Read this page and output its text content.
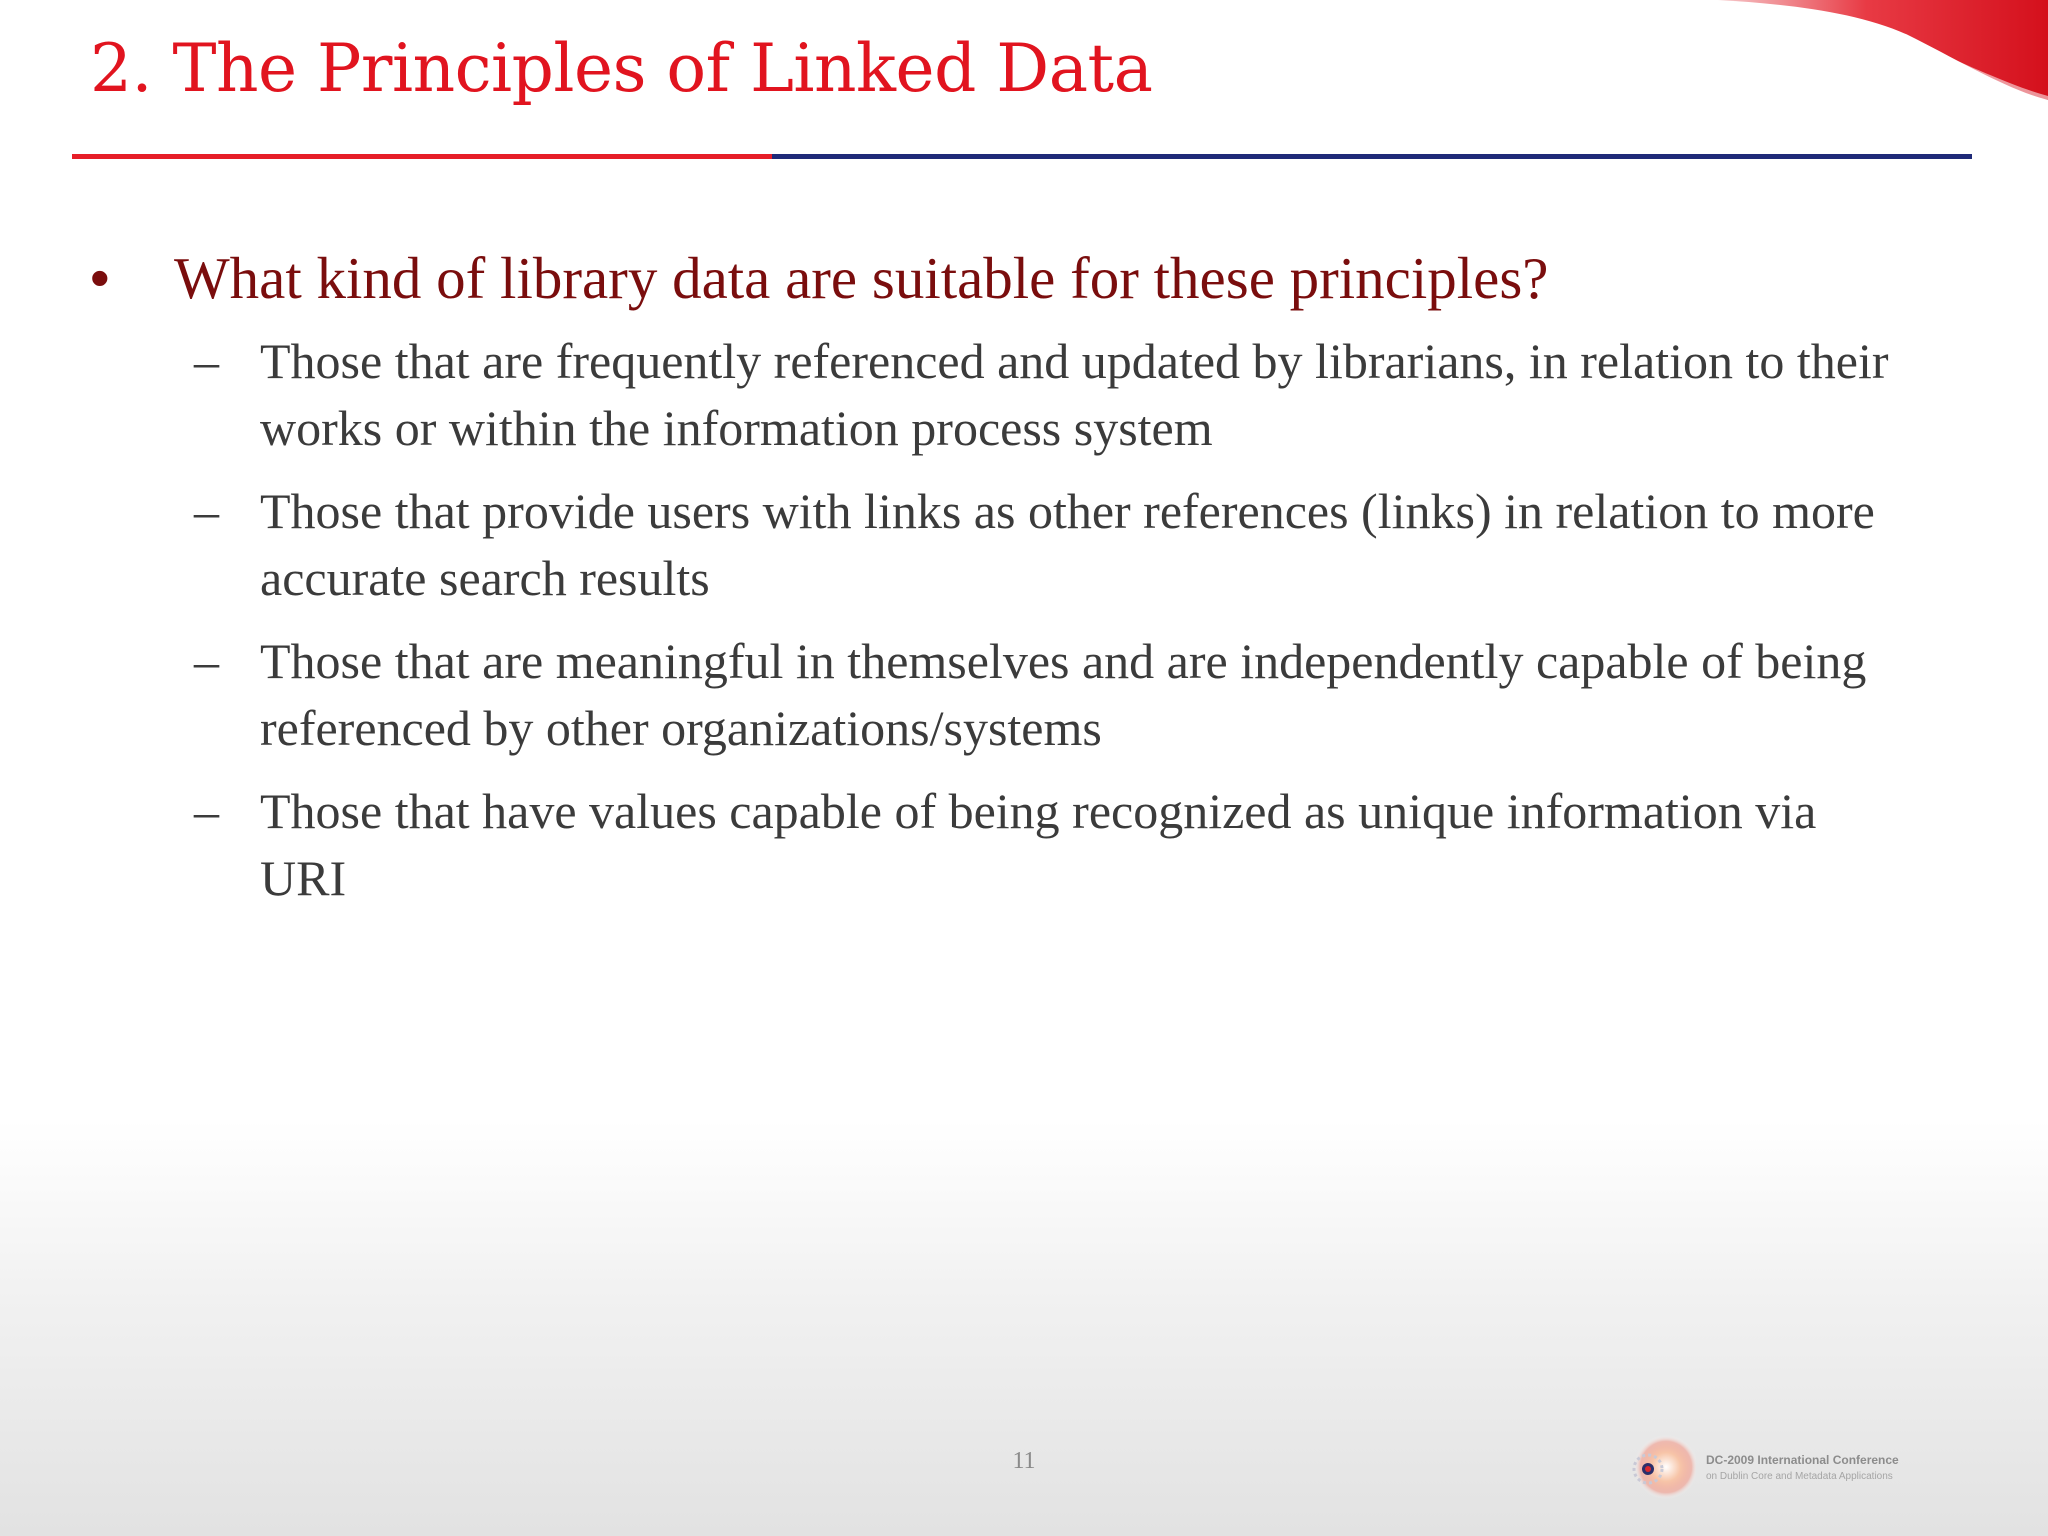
2. The Principles of Linked Data
• What kind of library data are suitable for these principles?
– Those that are frequently referenced and updated by librarians, in relation to their works or within the information process system
– Those that provide users with links as other references (links) in relation to more accurate search results
– Those that are meaningful in themselves and are independently capable of being referenced by other organizations/systems
– Those that have values capable of being recognized as unique information via URI
11	DC-2009 International Conference
on Dublin Core and Metadata Applications
